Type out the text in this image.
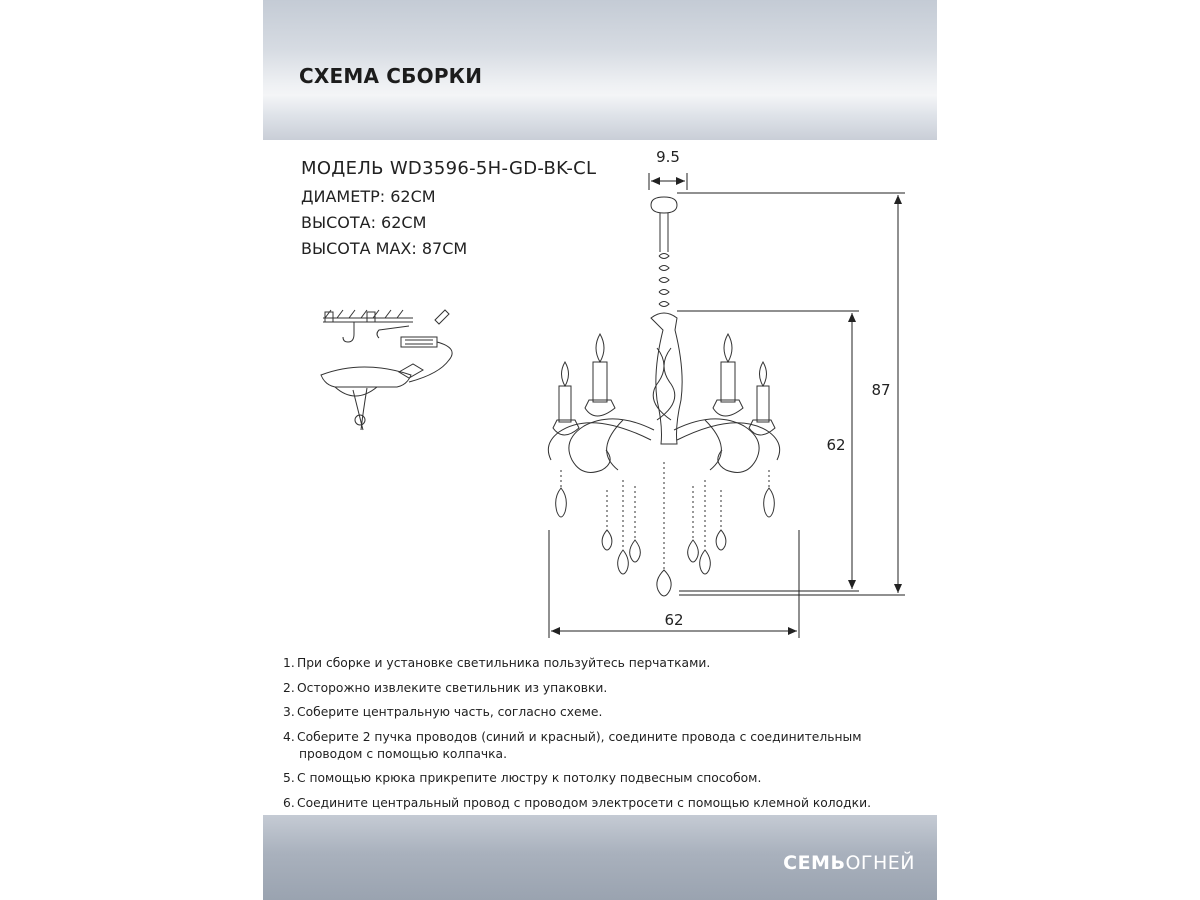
СХЕМА СБОРКИ
МОДЕЛЬ WD3596-5H-GD-BK-CL
ДИАМЕТР: 62СМ
ВЫСОТА: 62СМ
ВЫСОТА MAX: 87СМ
9.5
87
62
62
1. При сборке и установке светильника пользуйтесь перчатками.
2. Осторожно извлеките светильник из упаковки.
3. Соберите центральную часть, согласно схеме.
4. Соберите 2 пучка проводов (синий и красный), соедините провода с соединительным
проводом с помощью колпачка.
5. С помощью крюка прикрепите люстру к потолку подвесным способом.
6. Соедините центральный провод с проводом электросети с помощью клемной колодки.
СЕМЬОГНЕЙ
